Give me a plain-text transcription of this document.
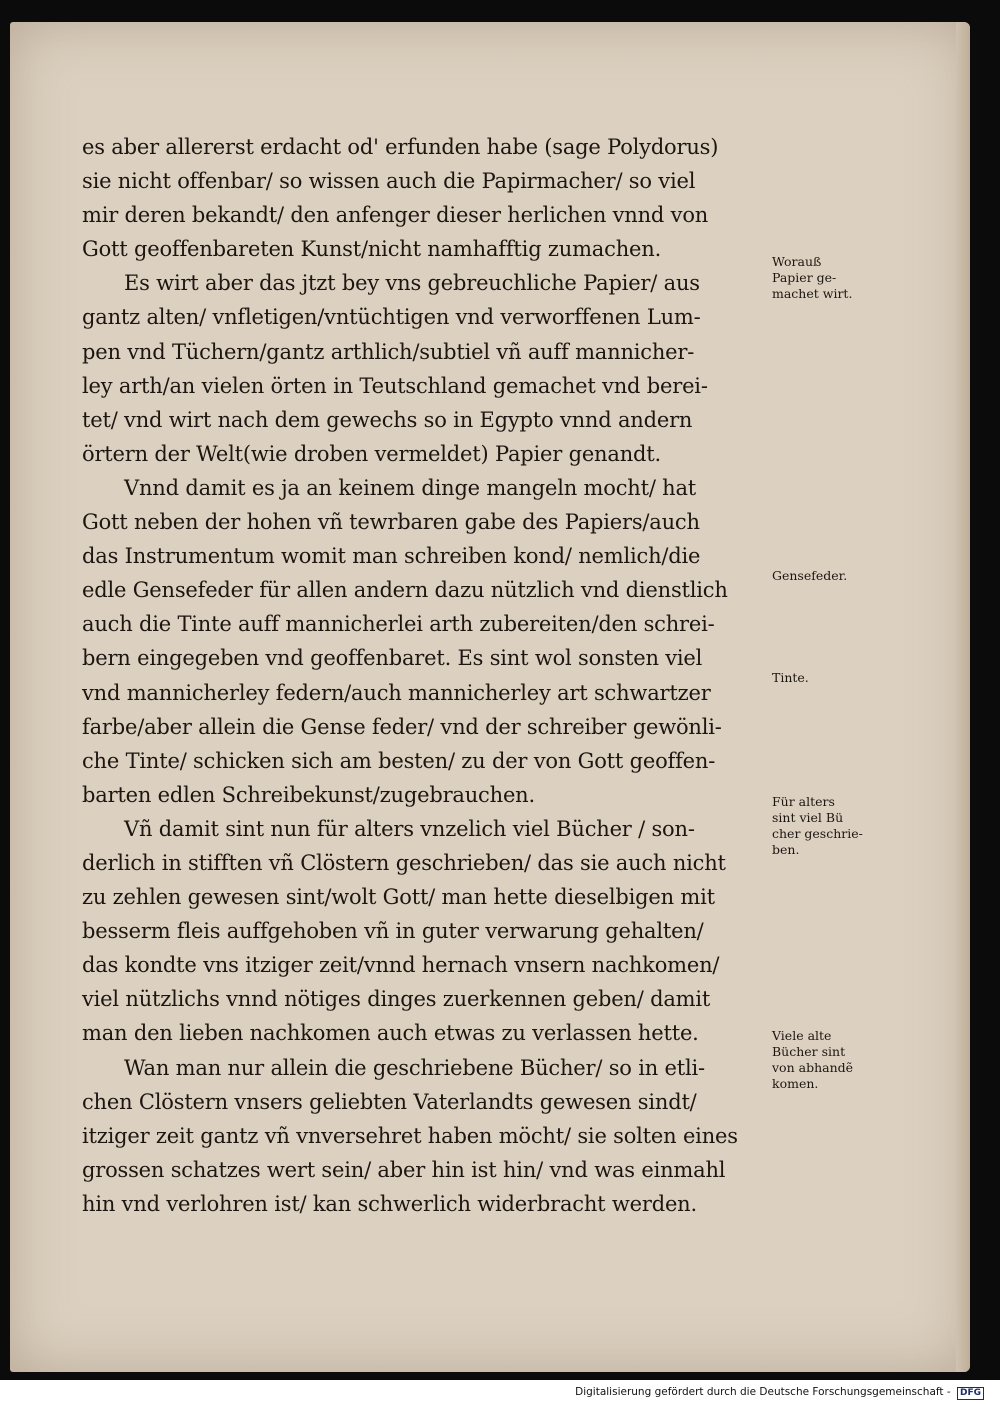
es aber allererst erdacht od' erfunden habe (sage Polydorus)
sie nicht offenbar/ so wissen auch die Papirmacher/ so viel
mir deren bekandt/ den anfenger dieser herlichen vnnd von
Gott geoffenbareten Kunst/nicht namhafftig zumachen.
Es wirt aber das jtzt bey vns gebreuchliche Papier/ aus
gantz alten/ vnfletigen/vntüchtigen vnd verworffenen Lum-
pen vnd Tüchern/gantz arthlich/subtiel vñ auff mannicher-
ley arth/an vielen örten in Teutschland gemachet vnd berei-
tet/ vnd wirt nach dem gewechs so in Egypto vnnd andern
örtern der Welt(wie droben vermeldet) Papier genandt.
Vnnd damit es ja an keinem dinge mangeln mocht/ hat
Gott neben der hohen vñ tewrbaren gabe des Papiers/auch
das Instrumentum womit man schreiben kond/ nemlich/die
edle Gensefeder für allen andern dazu nützlich vnd dienstlich
auch die Tinte auff mannicherlei arth zubereiten/den schrei-
bern eingegeben vnd geoffenbaret. Es sint wol sonsten viel
vnd mannicherley federn/auch mannicherley art schwartzer
farbe/aber allein die Gense feder/ vnd der schreiber gewönli-
che Tinte/ schicken sich am besten/ zu der von Gott geoffen-
barten edlen Schreibekunst/zugebrauchen.
Vñ damit sint nun für alters vnzelich viel Bücher / son-
derlich in stifften vñ Clöstern geschrieben/ das sie auch nicht
zu zehlen gewesen sint/wolt Gott/ man hette dieselbigen mit
besserm fleis auffgehoben vñ in guter verwarung gehalten/
das kondte vns itziger zeit/vnnd hernach vnsern nachkomen/
viel nützlichs vnnd nötiges dinges zuerkennen geben/ damit
man den lieben nachkomen auch etwas zu verlassen hette.
Wan man nur allein die geschriebene Bücher/ so in etli-
chen Clöstern vnsers geliebten Vaterlandts gewesen sindt/
itziger zeit gantz vñ vnversehret haben möcht/ sie solten eines
grossen schatzes wert sein/ aber hin ist hin/ vnd was einmahl
hin vnd verlohren ist/ kan schwerlich widerbracht werden.
Worauß
Papier ge-
machet wirt.
Gensefeder.
Tinte.
Für alters
sint viel Bü
cher geschrie-
ben.
Viele alte
Bücher sint
von abhandẽ
komen.
Digitalisierung gefördert durch die Deutsche Forschungsgemeinschaft - DFG
